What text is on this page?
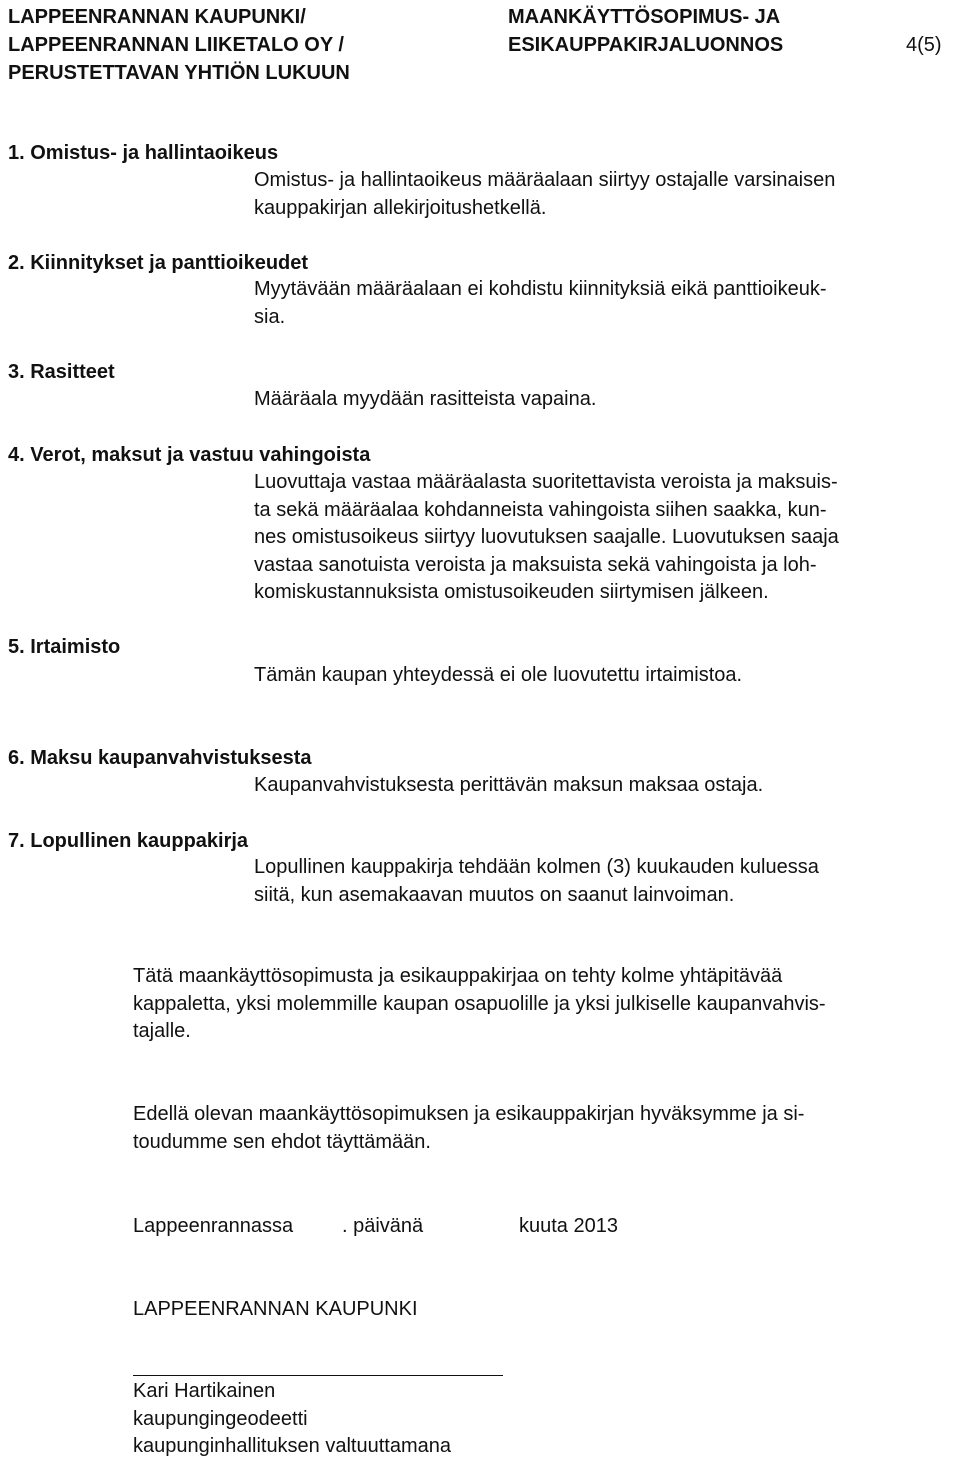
LAPPEENRANNAN KAUPUNKI/
LAPPEENRANNAN LIIKETALO OY /
PERUSTETTAVAN YHTIÖN LUKUUN
MAANKÄYTTÖSOPIMUS- JA
ESIKAUPPAKIRJALUONNOS	4(5)
1. Omistus- ja hallintaoikeus
Omistus- ja hallintaoikeus määräalaan siirtyy ostajalle varsinaisen
kauppakirjan allekirjoitushetkellä.
2. Kiinnitykset ja panttioikeudet
Myytävään määräalaan ei kohdistu kiinnityksiä eikä panttioikeuk-
sia.
3. Rasitteet
Määräala myydään rasitteista vapaina.
4. Verot, maksut ja vastuu vahingoista
Luovuttaja vastaa määräalasta suoritettavista veroista ja maksuis-
ta sekä määräalaa kohdanneista vahingoista siihen saakka, kun-
nes omistusoikeus siirtyy luovutuksen saajalle. Luovutuksen saaja
vastaa sanotuista veroista ja maksuista sekä vahingoista ja loh-
komiskustannuksista omistusoikeuden siirtymisen jälkeen.
5. Irtaimisto
Tämän kaupan yhteydessä ei ole luovutettu irtaimistoa.
6. Maksu kaupanvahvistuksesta
Kaupanvahvistuksesta perittävän maksun maksaa ostaja.
7. Lopullinen kauppakirja
Lopullinen kauppakirja tehdään kolmen (3) kuukauden kuluessa
siitä, kun asemakaavan muutos on saanut lainvoiman.
Tätä maankäyttösopimusta ja esikauppakirjaa on tehty kolme yhtäpitävää
kappaletta, yksi molemmille kaupan osapuolille ja yksi julkiselle kaupanvahvis-
tajalle.
Edellä olevan maankäyttösopimuksen ja esikauppakirjan hyväksymme ja si-
toudumme sen ehdot täyttämään.
Lappeenrannassa . päivänä	kuuta 2013
LAPPEENRANNAN KAUPUNKI
Kari Hartikainen
kaupungingeodeetti
kaupunginhallituksen valtuuttamana
